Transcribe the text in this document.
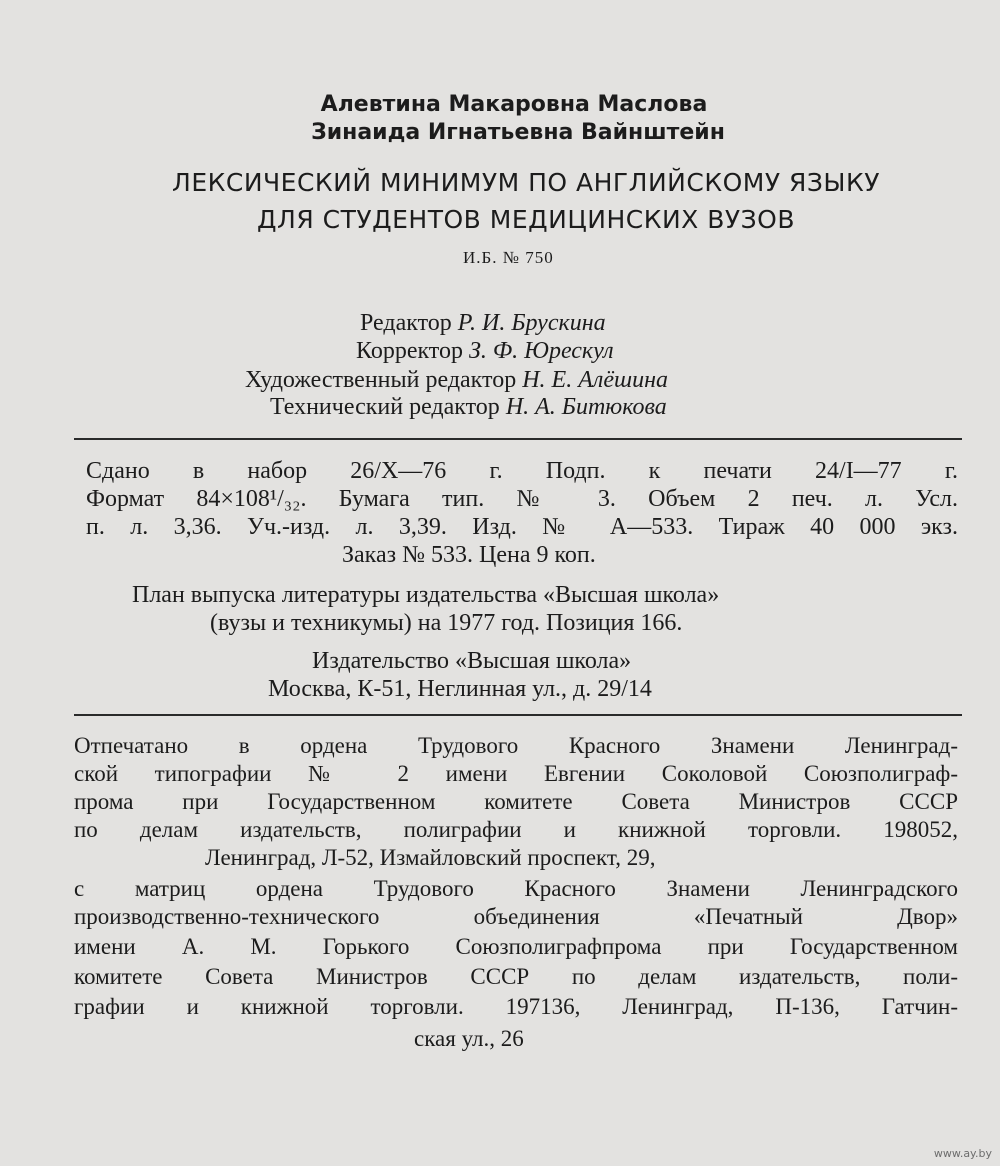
Алевтина Макаровна Маслова
Зинаида Игнатьевна Вайнштейн
ЛЕКСИЧЕСКИЙ МИНИМУМ ПО АНГЛИЙСКОМУ ЯЗЫКУ
ДЛЯ СТУДЕНТОВ МЕДИЦИНСКИХ ВУЗОВ
И.Б. № 750
Редактор Р. И. Брускина
Корректор З. Ф. Юрескул
Художественный редактор Н. Е. Алёшина
Технический редактор Н. А. Битюкова
Сдано в набор 26/X—76 г. Подп. к печати 24/I—77 г.
Формат 84×108¹/₃₂. Бумага тип. № 3. Объем 2 печ. л. Усл.
п. л. 3,36. Уч.-изд. л. 3,39. Изд. № А—533. Тираж 40 000 экз.
Заказ № 533. Цена 9 коп.
План выпуска литературы издательства «Высшая школа»
(вузы и техникумы) на 1977 год. Позиция 166.
Издательство «Высшая школа»
Москва, К-51, Неглинная ул., д. 29/14
Отпечатано в ордена Трудового Красного Знамени Ленинград-
ской типографии № 2 имени Евгении Соколовой Союзполиграф-
прома при Государственном комитете Совета Министров СССР
по делам издательств, полиграфии и книжной торговли. 198052,
Ленинград, Л-52, Измайловский проспект, 29,
с матриц ордена Трудового Красного Знамени Ленинградского
производственно-технического объединения «Печатный Двор»
имени А. М. Горького Союзполиграфпрома при Государственном
комитете Совета Министров СССР по делам издательств, поли-
графии и книжной торговли. 197136, Ленинград, П-136, Гатчин-
ская ул., 26
www.ay.by
